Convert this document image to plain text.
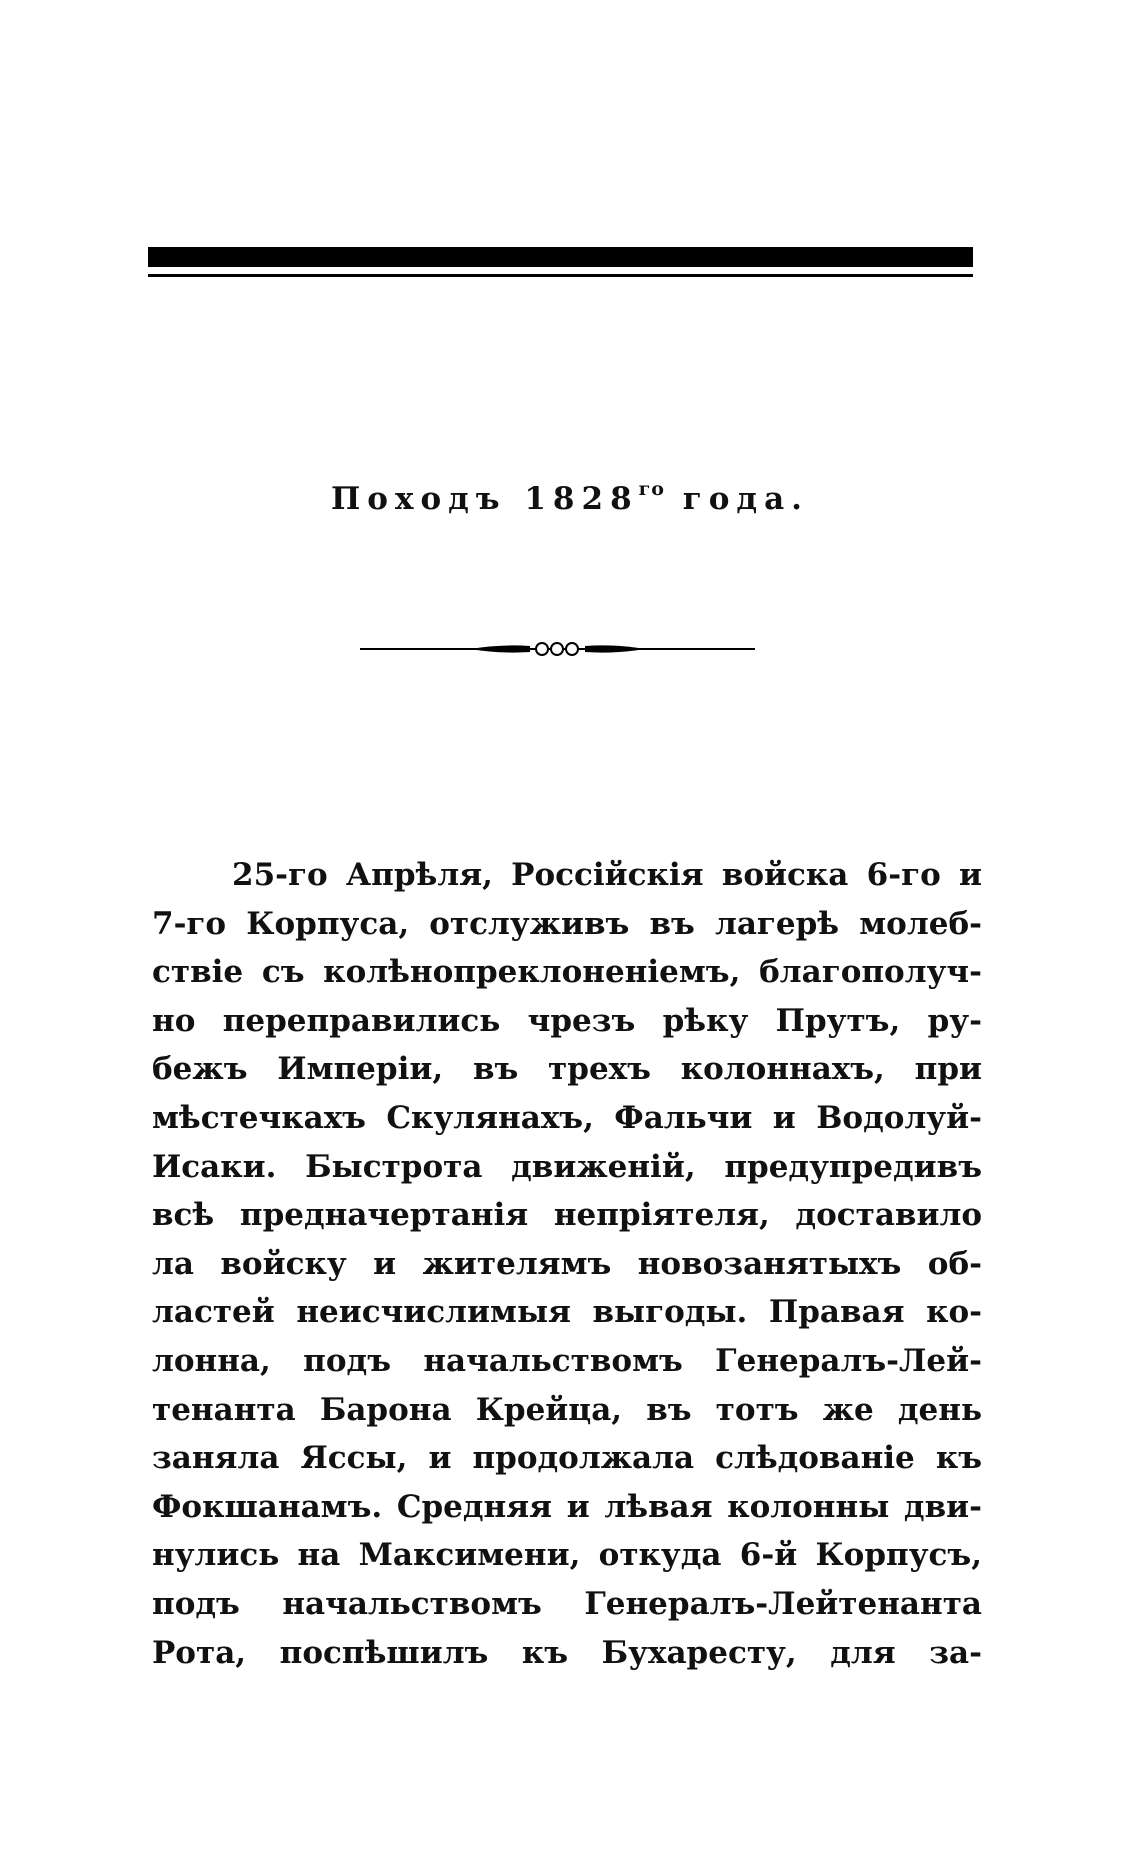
Походъ $1828^{го}$ года.
25-го Апрѣля, Россійскія войска 6-го и
7-го Корпуса, отслуживъ въ лагерѣ молеб-
ствіе съ колѣнопреклоненіемъ, благополуч-
но переправились чрезъ рѣку Прутъ, ру-
бежъ Имперіи, въ трехъ колоннахъ, при
мѣстечкахъ Скулянахъ, Фальчи и Водолуй-
Исаки. Быстрота движеній, предупредивъ
всѣ предначертанія непріятеля, доставило
ла войску и жителямъ новозанятыхъ об-
ластей неисчислимыя выгоды. Правая ко-
лонна, подъ начальствомъ Генералъ-Лей-
тенанта Барона Крейца, въ тотъ же день
заняла Яссы, и продолжала слѣдованіе къ
Фокшанамъ. Средняя и лѣвая колонны дви-
нулись на Максимени, откуда 6-й Корпусъ,
подъ начальствомъ Генералъ-Лейтенанта
Рота, поспѣшилъ къ Бухаресту, для за-
